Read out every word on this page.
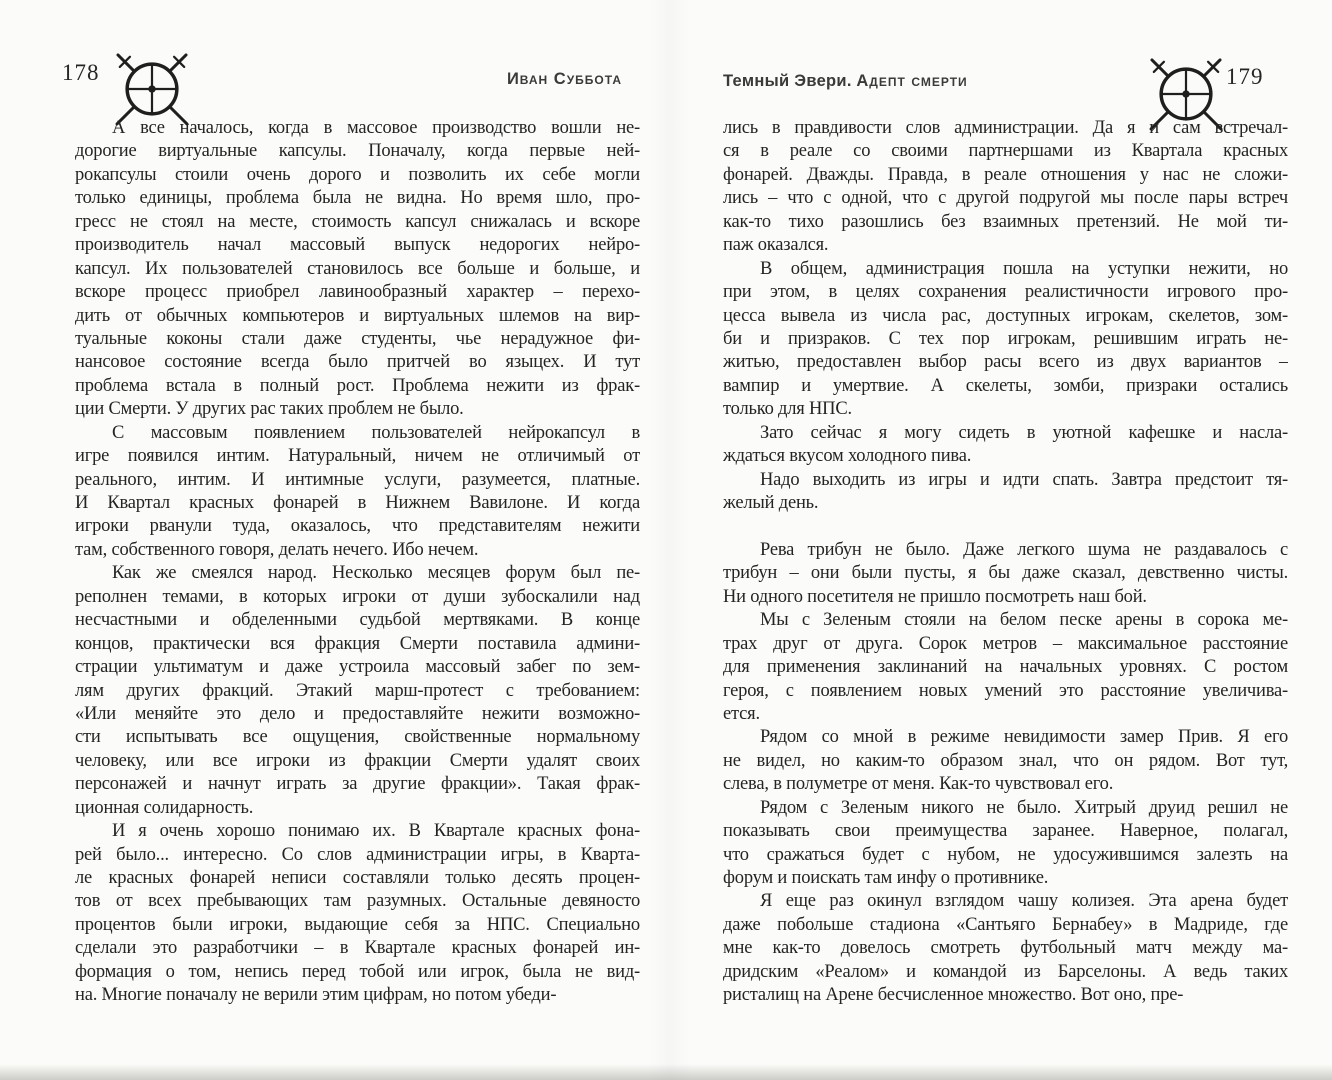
178	Иван Суббота	Темный Эвери. Адепт смерти	179
А все началось, когда в массовое производство вошли не-
дорогие виртуальные капсулы. Поначалу, когда первые ней-
рокапсулы стоили очень дорого и позволить их себе могли
только единицы, проблема была не видна. Но время шло, про-
гресс не стоял на месте, стоимость капсул снижалась и вскоре
производитель начал массовый выпуск недорогих нейро-
капсул. Их пользователей становилось все больше и больше, и
вскоре процесс приобрел лавинообразный характер – перехо-
дить от обычных компьютеров и виртуальных шлемов на вир-
туальные коконы стали даже студенты, чье нерадужное фи-
нансовое состояние всегда было притчей во языцех. И тут
проблема встала в полный рост. Проблема нежити из фрак-
ции Смерти. У других рас таких проблем не было.
С массовым появлением пользователей нейрокапсул в
игре появился интим. Натуральный, ничем не отличимый от
реального, интим. И интимные услуги, разумеется, платные.
И Квартал красных фонарей в Нижнем Вавилоне. И когда
игроки рванули туда, оказалось, что представителям нежити
там, собственного говоря, делать нечего. Ибо нечем.
Как же смеялся народ. Несколько месяцев форум был пе-
реполнен темами, в которых игроки от души зубоскалили над
несчастными и обделенными судьбой мертвяками. В конце
концов, практически вся фракция Смерти поставила админи-
страции ультиматум и даже устроила массовый забег по зем-
лям других фракций. Этакий марш-протест с требованием:
«Или меняйте это дело и предоставляйте нежити возможно-
сти испытывать все ощущения, свойственные нормальному
человеку, или все игроки из фракции Смерти удалят своих
персонажей и начнут играть за другие фракции». Такая фрак-
ционная солидарность.
И я очень хорошо понимаю их. В Квартале красных фона-
рей было... интересно. Со слов администрации игры, в Кварта-
ле красных фонарей неписи составляли только десять процен-
тов от всех пребывающих там разумных. Остальные девяносто
процентов были игроки, выдающие себя за НПС. Специально
сделали это разработчики – в Квартале красных фонарей ин-
формация о том, непись перед тобой или игрок, была не вид-
на. Многие поначалу не верили этим цифрам, но потом убеди-
лись в правдивости слов администрации. Да я и сам встречал-
ся в реале со своими партнершами из Квартала красных
фонарей. Дважды. Правда, в реале отношения у нас не сложи-
лись – что с одной, что с другой подругой мы после пары встреч
как-то тихо разошлись без взаимных претензий. Не мой ти-
паж оказался.
В общем, администрация пошла на уступки нежити, но
при этом, в целях сохранения реалистичности игрового про-
цесса вывела из числа рас, доступных игрокам, скелетов, зом-
би и призраков. С тех пор игрокам, решившим играть не-
житью, предоставлен выбор расы всего из двух вариантов –
вампир и умертвие. А скелеты, зомби, призраки остались
только для НПС.
Зато сейчас я могу сидеть в уютной кафешке и насла-
ждаться вкусом холодного пива.
Надо выходить из игры и идти спать. Завтра предстоит тя-
желый день.
Рева трибун не было. Даже легкого шума не раздавалось с
трибун – они были пусты, я бы даже сказал, девственно чисты.
Ни одного посетителя не пришло посмотреть наш бой.
Мы с Зеленым стояли на белом песке арены в сорока ме-
трах друг от друга. Сорок метров – максимальное расстояние
для применения заклинаний на начальных уровнях. С ростом
героя, с появлением новых умений это расстояние увеличива-
ется.
Рядом со мной в режиме невидимости замер Прив. Я его
не видел, но каким-то образом знал, что он рядом. Вот тут,
слева, в полуметре от меня. Как-то чувствовал его.
Рядом с Зеленым никого не было. Хитрый друид решил не
показывать свои преимущества заранее. Наверное, полагал,
что сражаться будет с нубом, не удосужившимся залезть на
форум и поискать там инфу о противнике.
Я еще раз окинул взглядом чашу колизея. Эта арена будет
даже побольше стадиона «Сантьяго Бернабеу» в Мадриде, где
мне как-то довелось смотреть футбольный матч между ма-
дридским «Реалом» и командой из Барселоны. А ведь таких
ристалищ на Арене бесчисленное множество. Вот оно, пре-
